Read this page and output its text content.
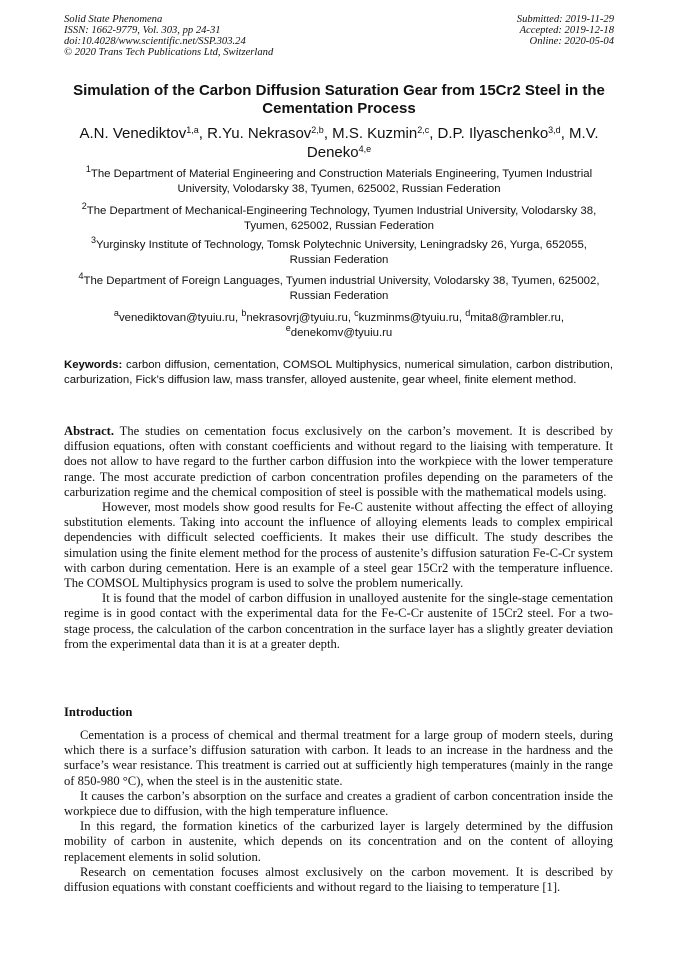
Solid State Phenomena
ISSN: 1662-9779, Vol. 303, pp 24-31
doi:10.4028/www.scientific.net/SSP.303.24
© 2020 Trans Tech Publications Ltd, Switzerland
Submitted: 2019-11-29
Accepted: 2019-12-18
Online: 2020-05-04
Simulation of the Carbon Diffusion Saturation Gear from 15Cr2 Steel in the Cementation Process
A.N. Venediktov$^{1,a}$, R.Yu. Nekrasov$^{2,b}$, M.S. Kuzmin$^{2,c}$, D.P. Ilyaschenko$^{3,d}$, M.V. Deneko$^{4,e}$
$^1$The Department of Material Engineering and Construction Materials Engineering, Tyumen Industrial University, Volodarsky 38, Tyumen, 625002, Russian Federation
$^2$The Department of Mechanical-Engineering Technology, Tyumen Industrial University, Volodarsky 38, Tyumen, 625002, Russian Federation
$^3$Yurginsky Institute of Technology, Tomsk Polytechnic University, Leningradsky 26, Yurga, 652055, Russian Federation
$^4$The Department of Foreign Languages, Tyumen industrial University, Volodarsky 38, Tyumen, 625002, Russian Federation
$^a$venediktovan@tyuiu.ru, $^b$nekrasovrj@tyuiu.ru, $^c$kuzminms@tyuiu.ru, $^d$mita8@rambler.ru,
$^e$denekomv@tyuiu.ru
Keywords: carbon diffusion, cementation, COMSOL Multiphysics, numerical simulation, carbon distribution, carburization, Fick’s diffusion law, mass transfer, alloyed austenite, gear wheel, finite element method.

Abstract. The studies on cementation focus exclusively on the carbon’s movement. It is described by diffusion equations, often with constant coefficients and without regard to the liaising with temperature. It does not allow to have regard to the further carbon diffusion into the workpiece with the lower temperature range. The most accurate prediction of carbon concentration profiles depending on the parameters of the carburization regime and the chemical composition of steel is possible with the mathematical models using.

However, most models show good results for Fe-C austenite without affecting the effect of alloying substitution elements. Taking into account the influence of alloying elements leads to complex empirical dependencies with difficult selected coefficients. It makes their use difficult. The study describes the simulation using the finite element method for the process of austenite’s diffusion saturation Fe-C-Cr system with carbon during cementation. Here is an example of a steel gear 15Cr2 with the temperature influence. The COMSOL Multiphysics program is used to solve the problem numerically.

It is found that the model of carbon diffusion in unalloyed austenite for the single-stage cementation regime is in good contact with the experimental data for the Fe-C-Cr austenite of 15Cr2 steel. For a two-stage process, the calculation of the carbon concentration in the surface layer has a slightly greater deviation from the experimental data than it is at a greater depth.

Introduction

Cementation is a process of chemical and thermal treatment for a large group of modern steels, during which there is a surface’s diffusion saturation with carbon. It leads to an increase in the hardness and the surface’s wear resistance. This treatment is carried out at sufficiently high temperatures (mainly in the range of 850-980 °C), when the steel is in the austenitic state.

It causes the carbon’s absorption on the surface and creates a gradient of carbon concentration inside the workpiece due to diffusion, with the high temperature influence.

In this regard, the formation kinetics of the carburized layer is largely determined by the diffusion mobility of carbon in austenite, which depends on its concentration and on the content of alloying replacement elements in solid solution.

Research on cementation focuses almost exclusively on the carbon movement. It is described by diffusion equations with constant coefficients and without regard to the liaising to temperature [1].
